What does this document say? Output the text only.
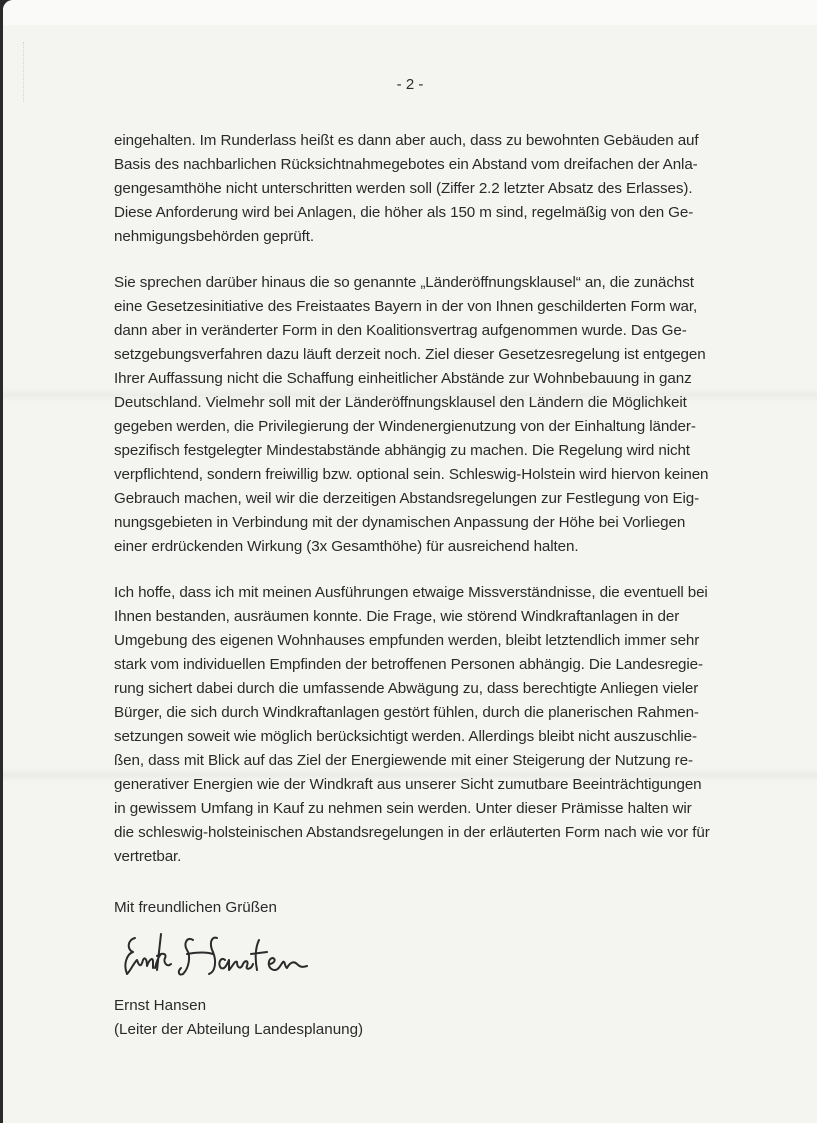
- 2 -
eingehalten. Im Runderlass heißt es dann aber auch, dass zu bewohnten Gebäuden auf
Basis des nachbarlichen Rücksichtnahmegebotes ein Abstand vom dreifachen der Anla-
gengesamthöhe nicht unterschritten werden soll (Ziffer 2.2 letzter Absatz des Erlasses).
Diese Anforderung wird bei Anlagen, die höher als 150 m sind, regelmäßig von den Ge-
nehmigungsbehörden geprüft.
Sie sprechen darüber hinaus die so genannte „Länderöffnungsklausel“ an, die zunächst
eine Gesetzesinitiative des Freistaates Bayern in der von Ihnen geschilderten Form war,
dann aber in veränderter Form in den Koalitionsvertrag aufgenommen wurde. Das Ge-
setzgebungsverfahren dazu läuft derzeit noch. Ziel dieser Gesetzesregelung ist entgegen
Ihrer Auffassung nicht die Schaffung einheitlicher Abstände zur Wohnbebauung in ganz
Deutschland. Vielmehr soll mit der Länderöffnungsklausel den Ländern die Möglichkeit
gegeben werden, die Privilegierung der Windenergienutzung von der Einhaltung länder-
spezifisch festgelegter Mindestabstände abhängig zu machen. Die Regelung wird nicht
verpflichtend, sondern freiwillig bzw. optional sein. Schleswig-Holstein wird hiervon keinen
Gebrauch machen, weil wir die derzeitigen Abstandsregelungen zur Festlegung von Eig-
nungsgebieten in Verbindung mit der dynamischen Anpassung der Höhe bei Vorliegen
einer erdrückenden Wirkung (3x Gesamthöhe) für ausreichend halten.
Ich hoffe, dass ich mit meinen Ausführungen etwaige Missverständnisse, die eventuell bei
Ihnen bestanden, ausräumen konnte. Die Frage, wie störend Windkraftanlagen in der
Umgebung des eigenen Wohnhauses empfunden werden, bleibt letztendlich immer sehr
stark vom individuellen Empfinden der betroffenen Personen abhängig. Die Landesregie-
rung sichert dabei durch die umfassende Abwägung zu, dass berechtigte Anliegen vieler
Bürger, die sich durch Windkraftanlagen gestört fühlen, durch die planerischen Rahmen-
setzungen soweit wie möglich berücksichtigt werden. Allerdings bleibt nicht auszuschlie-
ßen, dass mit Blick auf das Ziel der Energiewende mit einer Steigerung der Nutzung re-
generativer Energien wie der Windkraft aus unserer Sicht zumutbare Beeinträchtigungen
in gewissem Umfang in Kauf zu nehmen sein werden. Unter dieser Prämisse halten wir
die schleswig-holsteinischen Abstandsregelungen in der erläuterten Form nach wie vor für
vertretbar.
Mit freundlichen Grüßen
Ernst Hansen
(Leiter der Abteilung Landesplanung)
